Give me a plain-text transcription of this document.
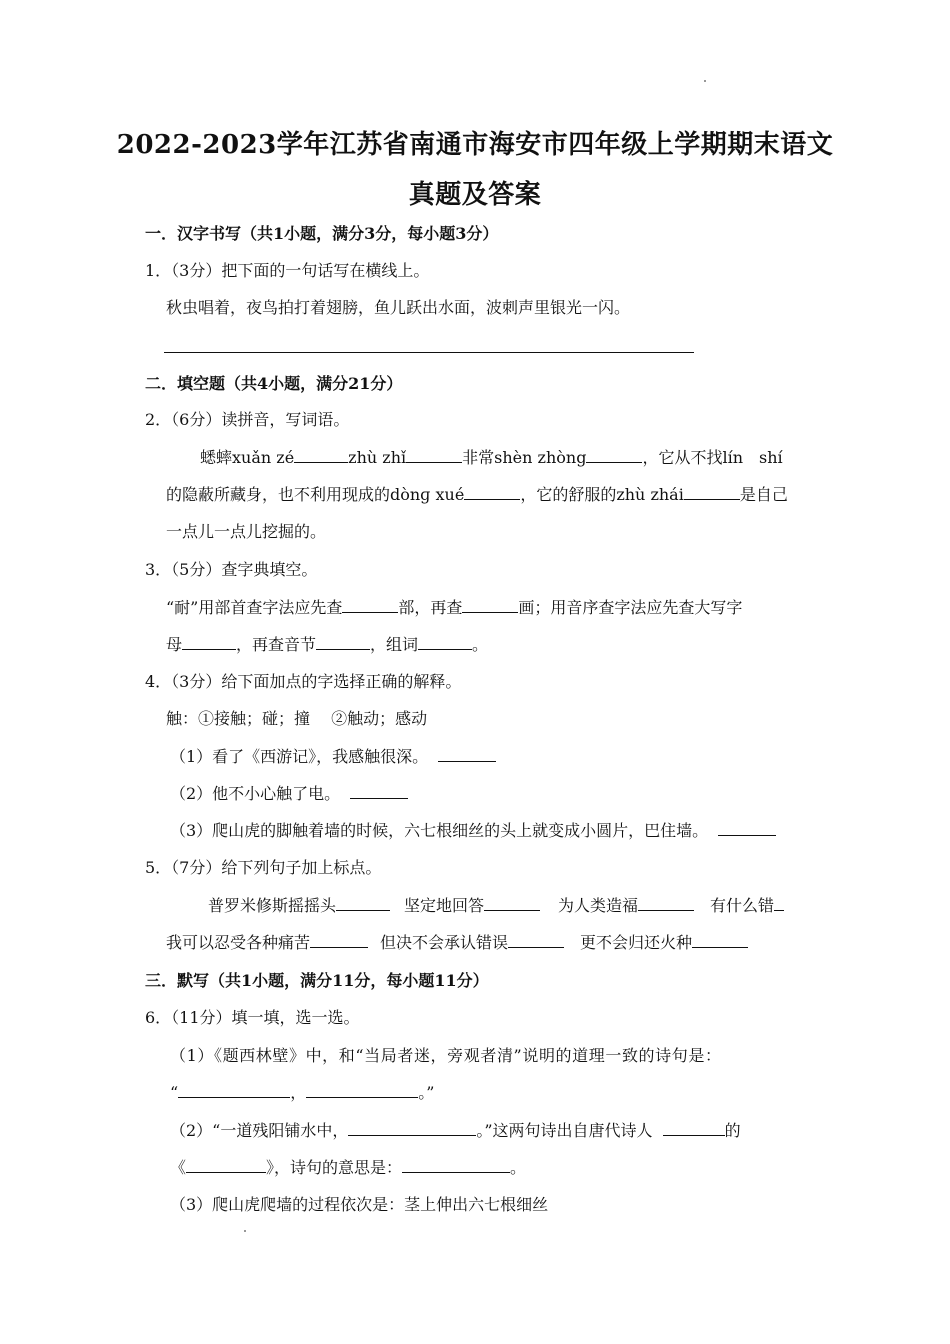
2022-2023学年江苏省南通市海安市四年级上学期期末语文
真题及答案
一．汉字书写（共1小题，满分3分，每小题3分）
1．（3分）把下面的一句话写在横线上。
秋虫唱着，夜鸟拍打着翅膀，鱼儿跃出水面，波刺声里银光一闪。
二．填空题（共4小题，满分21分）
2．（6分）读拼音，写词语。
蟋蟀xuǎn zé	zhù zhǐ	非常shèn zhòng	，它从不找lín　shí
的隐蔽所藏身，也不利用现成的dònɡ xué	，它的舒服的zhù zhái	是自己
一点儿一点儿挖掘的。
3．（5分）查字典填空。
“耐”用部首查字法应先查	部，再查	画；用音序查字法应先查大写字
母	，再查音节	，组词	。
4．（3分）给下面加点的字选择正确的解释。
触：①接触；碰；撞　 ②触动；感动
（1）看了《西游记》，我感触很深。
（2）他不小心触了电。
（3）爬山虎的脚触着墙的时候，六七根细丝的头上就变成小圆片，巴住墙。
5．（7分）给下列句子加上标点。
普罗米修斯摇摇头	坚定地回答	为人类造福	有什么错
我可以忍受各种痛苦	但决不会承认错误	更不会归还火种
三．默写（共1小题，满分11分，每小题11分）
6．（11分）填一填，选一选。
（1）《题西林壁》中，和“当局者迷，旁观者清”说明的道理一致的诗句是：
“	，	。”
（2）“一道残阳铺水中，	。”这两句诗出自唐代诗人	的
《	》，诗句的意思是：	。
（3）爬山虎爬墙的过程依次是：茎上伸出六七根细丝
